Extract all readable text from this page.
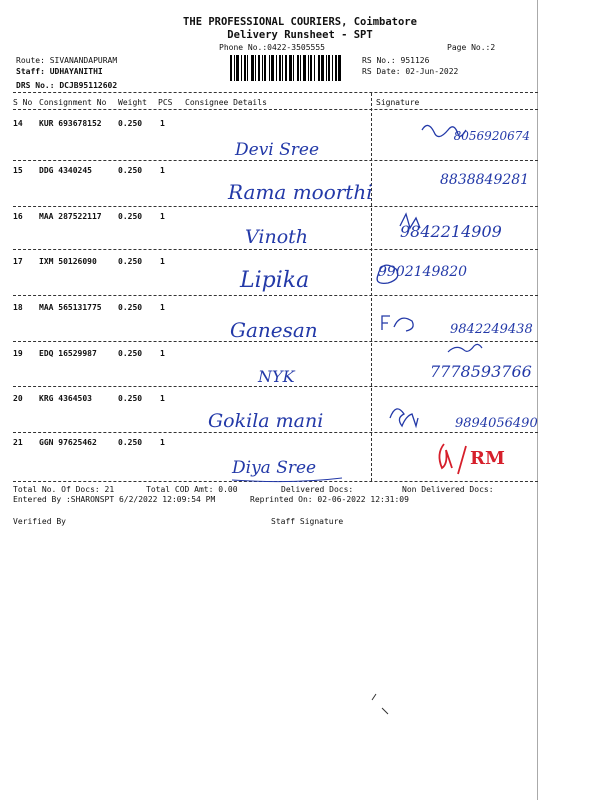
THE PROFESSIONAL COURIERS, Coimbatore
Delivery Runsheet - SPT
Phone No.:0422-3505555	Page No.:2
Route: SIVANANDAPURAM
Staff: UDHAYANITHI
DRS No.: DCJB95112602
RS No.: 951126
RS Date: 02-Jun-2022
S No Consignment No Weight PCS Consignee Details	Signature
14 KUR 693678152 0.250 1
Devi Sree
8056920674
15 DDG 4340245	0.250 1
Rama moorthi	8838849281
16 MAA 287522117 0.250 1
Vinoth	9842214909
17 IXM 50126090	0.250 1
Lipika	9902149820
18 MAA 565131775 0.250 1
Ganesan	9842249438
19 EDQ 16529987	0.250 1
NYK	7778593766
20 KRG 4364503	0.250 1
Gokila mani	9894056490
21 GGN 97625462	0.250 1
Diya Sree	RM
Total No. Of Docs: 21	Total COD Amt: 0.00	Delivered Docs:	Non Delivered Docs:
Entered By :SHARONSPT 6/2/2022 12:09:54 PM	Reprinted On: 02-06-2022 12:31:09
Verified By	Staff Signature
